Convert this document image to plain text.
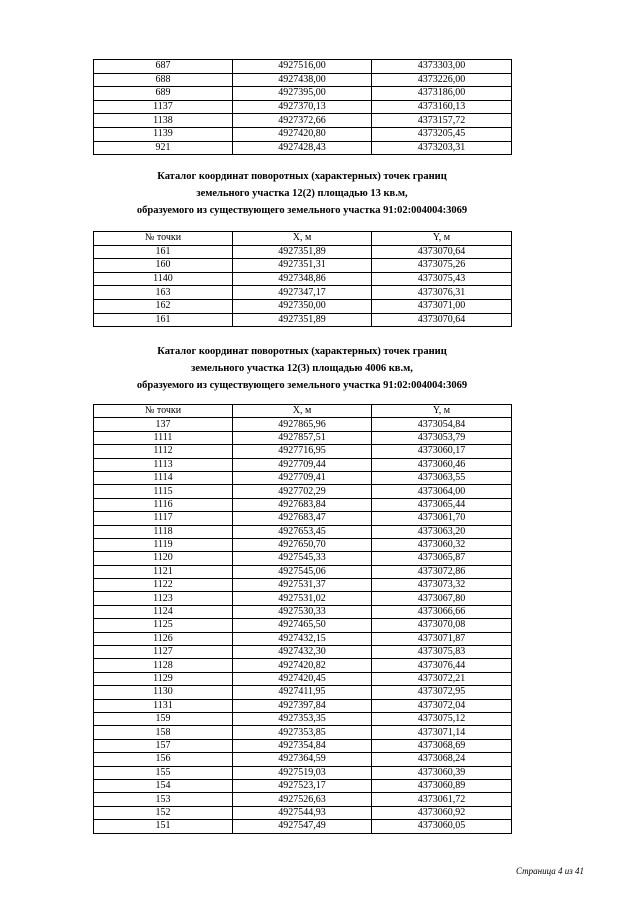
687	4927516,00	4373303,00
688	4927438,00	4373226,00
689	4927395,00	4373186,00
1137	4927370,13	4373160,13
1138	4927372,66	4373157,72
1139	4927420,80	4373205,45
921	4927428,43	4373203,31
Каталог координат поворотных (характерных) точек границ
земельного участка 12(2) площадью 13 кв.м,
образуемого из существующего земельного участка 91:02:004004:3069
№ точки	X, м	Y, м
161	4927351,89	4373070,64
160	4927351,31	4373075,26
1140	4927348,86	4373075,43
163	4927347,17	4373076,31
162	4927350,00	4373071,00
161	4927351,89	4373070,64
Каталог координат поворотных (характерных) точек границ
земельного участка 12(3) площадью 4006 кв.м,
образуемого из существующего земельного участка 91:02:004004:3069
№ точки	X, м	Y, м
137	4927865,96	4373054,84
1111	4927857,51	4373053,79
1112	4927716,95	4373060,17
1113	4927709,44	4373060,46
1114	4927709,41	4373063,55
1115	4927702,29	4373064,00
1116	4927683,84	4373065,44
1117	4927683,47	4373061,70
1118	4927653,45	4373063,20
1119	4927650,70	4373060,32
1120	4927545,33	4373065,87
1121	4927545,06	4373072,86
1122	4927531,37	4373073,32
1123	4927531,02	4373067,80
1124	4927530,33	4373066,66
1125	4927465,50	4373070,08
1126	4927432,15	4373071,87
1127	4927432,30	4373075,83
1128	4927420,82	4373076,44
1129	4927420,45	4373072,21
1130	4927411,95	4373072,95
1131	4927397,84	4373072,04
159	4927353,35	4373075,12
158	4927353,85	4373071,14
157	4927354,84	4373068,69
156	4927364,59	4373068,24
155	4927519,03	4373060,39
154	4927523,17	4373060,89
153	4927526,63	4373061,72
152	4927544,93	4373060,92
151	4927547,49	4373060,05
Страница 4 из 41
